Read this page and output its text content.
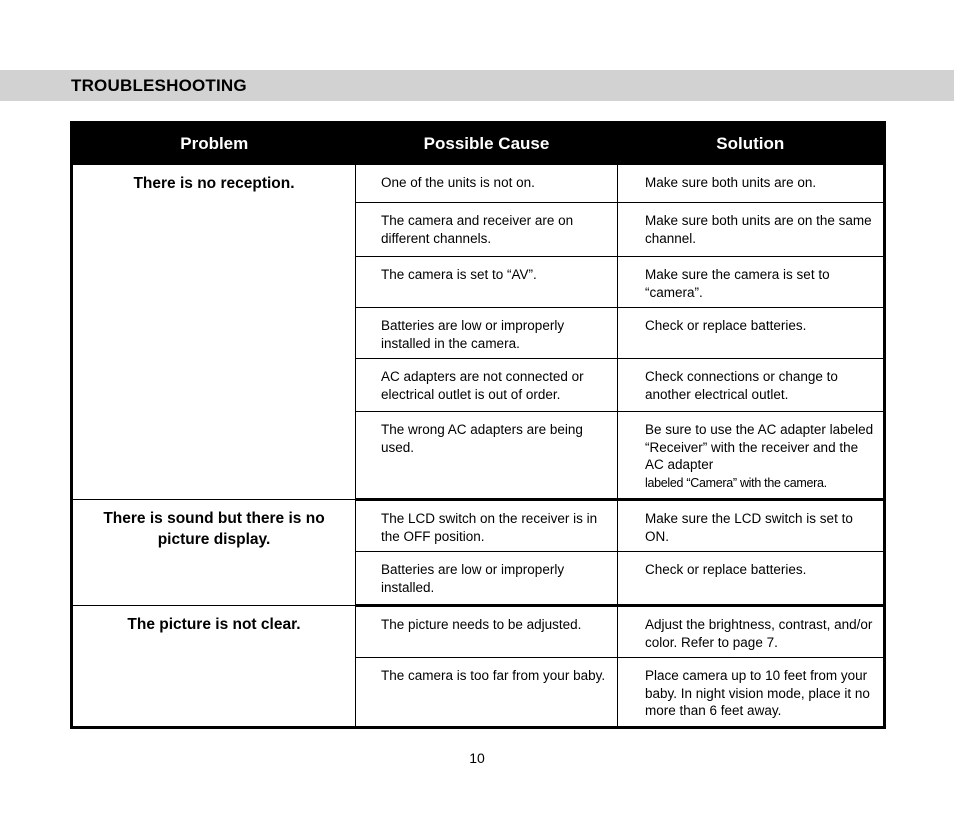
TROUBLESHOOTING
Problem	Possible Cause	Solution
There is no reception.	One of the units is not on.	Make sure both units are on.
	The camera and receiver are on different channels.	Make sure both units are on the same channel.
	The camera is set to “AV”.	Make sure the camera is set to “camera”.
	Batteries are low or improperly installed in the camera.	Check or replace batteries.
	AC adapters are not connected or electrical outlet is out of order.	Check connections or change to another electrical outlet.
	The wrong AC adapters are being used.	Be sure to use the AC adapter labeled “Receiver” with the receiver and the AC adapter
labeled “Camera” with the camera.
There is sound but there is no picture display.	The LCD switch on the receiver is in the OFF position.	Make sure the LCD switch is set to ON.
	Batteries are low or improperly installed.	Check or replace batteries.
The picture is not clear.	The picture needs to be adjusted.	Adjust the brightness, contrast, and/or color. Refer to page 7.
	The camera is too far from your baby.	Place camera up to 10 feet from your baby. In night vision mode, place it no more than 6 feet away.
10
